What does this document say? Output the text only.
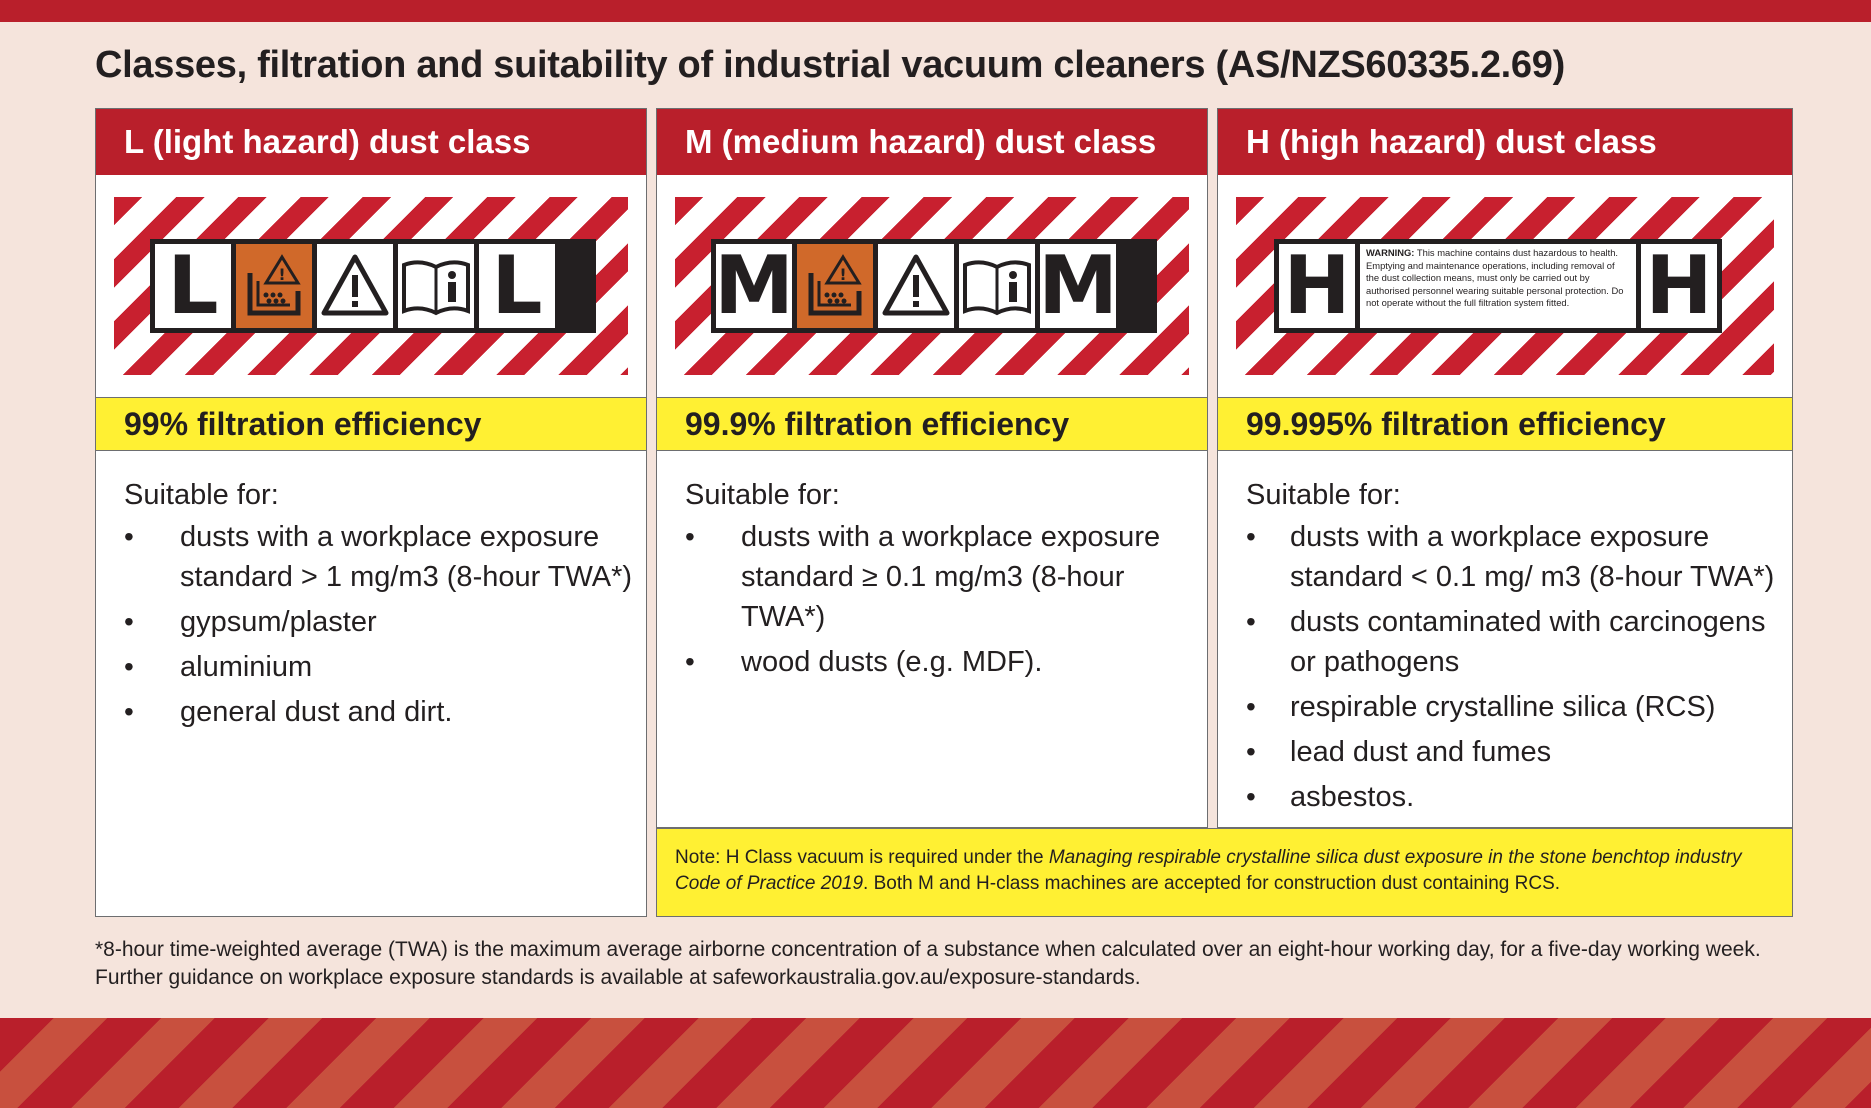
Classes, filtration and suitability of industrial vacuum cleaners (AS/NZS60335.2.69)
L (light hazard) dust class
L	!	L
99% filtration efficiency
Suitable for:
• dusts with a workplace exposure standard > 1 mg/m3 (8-hour TWA*)
• gypsum/plaster
• aluminium
• general dust and dirt.
M (medium hazard) dust class
M	! M
99.9% filtration efficiency
Suitable for:
• dusts with a workplace exposure standard ≥ 0.1 mg/m3 (8-hour TWA*)
• wood dusts (e.g. MDF).
H (high hazard) dust class
H	WARNING: This machine contains dust hazardous to health. Emptying and maintenance operations, including removal of the dust collection means, must only be carried out by authorised personnel wearing suitable personal protection. Do not operate without the full filtration system fitted. H
99.995% filtration efficiency
Suitable for:
• dusts with a workplace exposure standard < 0.1 mg/ m3 (8-hour TWA*)
• dusts contaminated with carcinogens or pathogens
• respirable crystalline silica (RCS)
• lead dust and fumes
• asbestos.
Note: H Class vacuum is required under the Managing respirable crystalline silica dust exposure in the stone benchtop industry Code of Practice 2019. Both M and H-class machines are accepted for construction dust containing RCS.
*8-hour time-weighted average (TWA) is the maximum average airborne concentration of a substance when calculated over an eight-hour working day, for a five-day working week. Further guidance on workplace exposure standards is available at safeworkaustralia.gov.au/exposure-standards.
